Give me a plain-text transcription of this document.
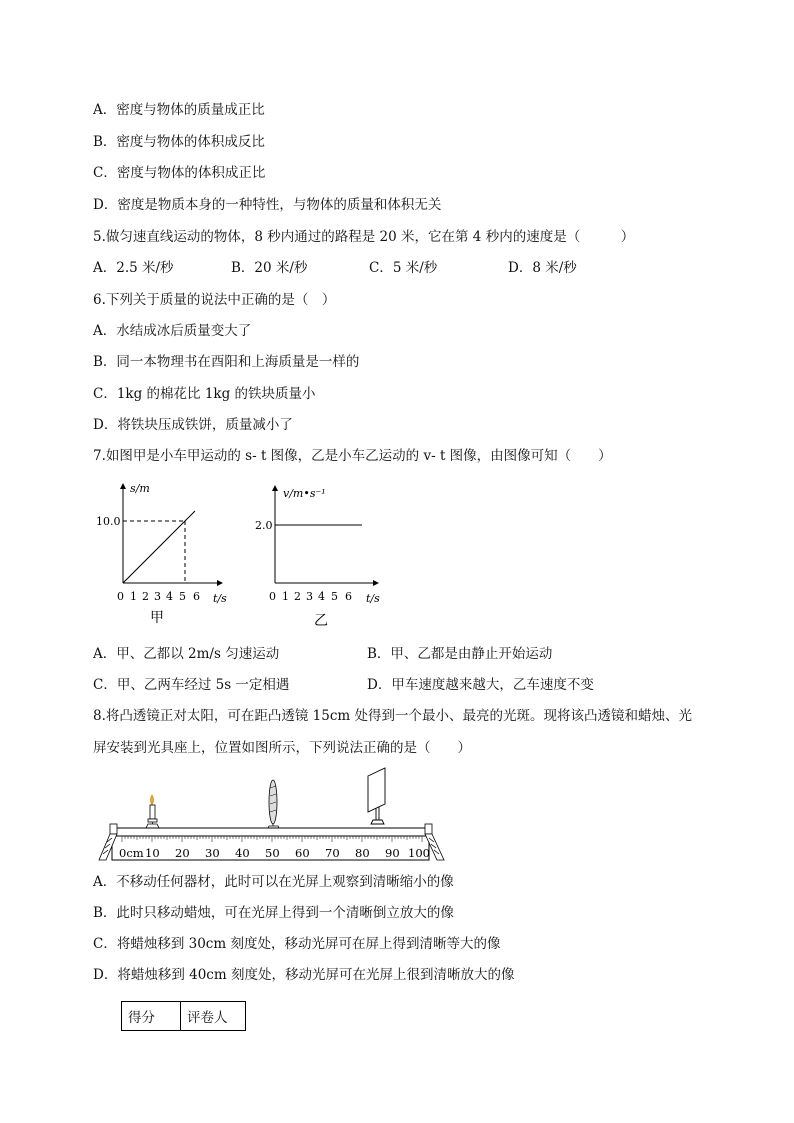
A．密度与物体的质量成正比
B．密度与物体的体积成反比
C．密度与物体的体积成正比
D．密度是物质本身的一种特性，与物体的质量和体积无关
5.做匀速直线运动的物体，8 秒内通过的路程是 20 米，它在第 4 秒内的速度是（　　　）
A．2.5 米/秒	B．20 米/秒	C．5 米/秒	D．8 米/秒
6.下列关于质量的说法中正确的是（　）
A．水结成冰后质量变大了
B．同一本物理书在酉阳和上海质量是一样的
C．1kg 的棉花比 1kg 的铁块质量小
D．将铁块压成铁饼，质量减小了
7.如图甲是小车甲运动的 s- t 图像，乙是小车乙运动的 v- t 图像，由图像可知（　　）
s/m
10.0
0 1 2 3 4 5 6 t/s
甲
v/m•s⁻¹
2.0
0 1 2 3 4 5 6 t/s
乙
A．甲、乙都以 2m/s 匀速运动	B．甲、乙都是由静止开始运动
C．甲、乙两车经过 5s 一定相遇	D．甲车速度越来越大，乙车速度不变
8.将凸透镜正对太阳，可在距凸透镜 15cm 处得到一个最小、最亮的光斑。现将该凸透镜和蜡烛、光
屏安装到光具座上，位置如图所示，下列说法正确的是（　　）
0cm 10 20 30 40 50 60 70 80 90 100
A．不移动任何器材，此时可以在光屏上观察到清晰缩小的像
B．此时只移动蜡烛，可在光屏上得到一个清晰倒立放大的像
C．将蜡烛移到 30cm 刻度处，移动光屏可在屏上得到清晰等大的像
D．将蜡烛移到 40cm 刻度处，移动光屏可在光屏上很到清晰放大的像
得分	评卷人
